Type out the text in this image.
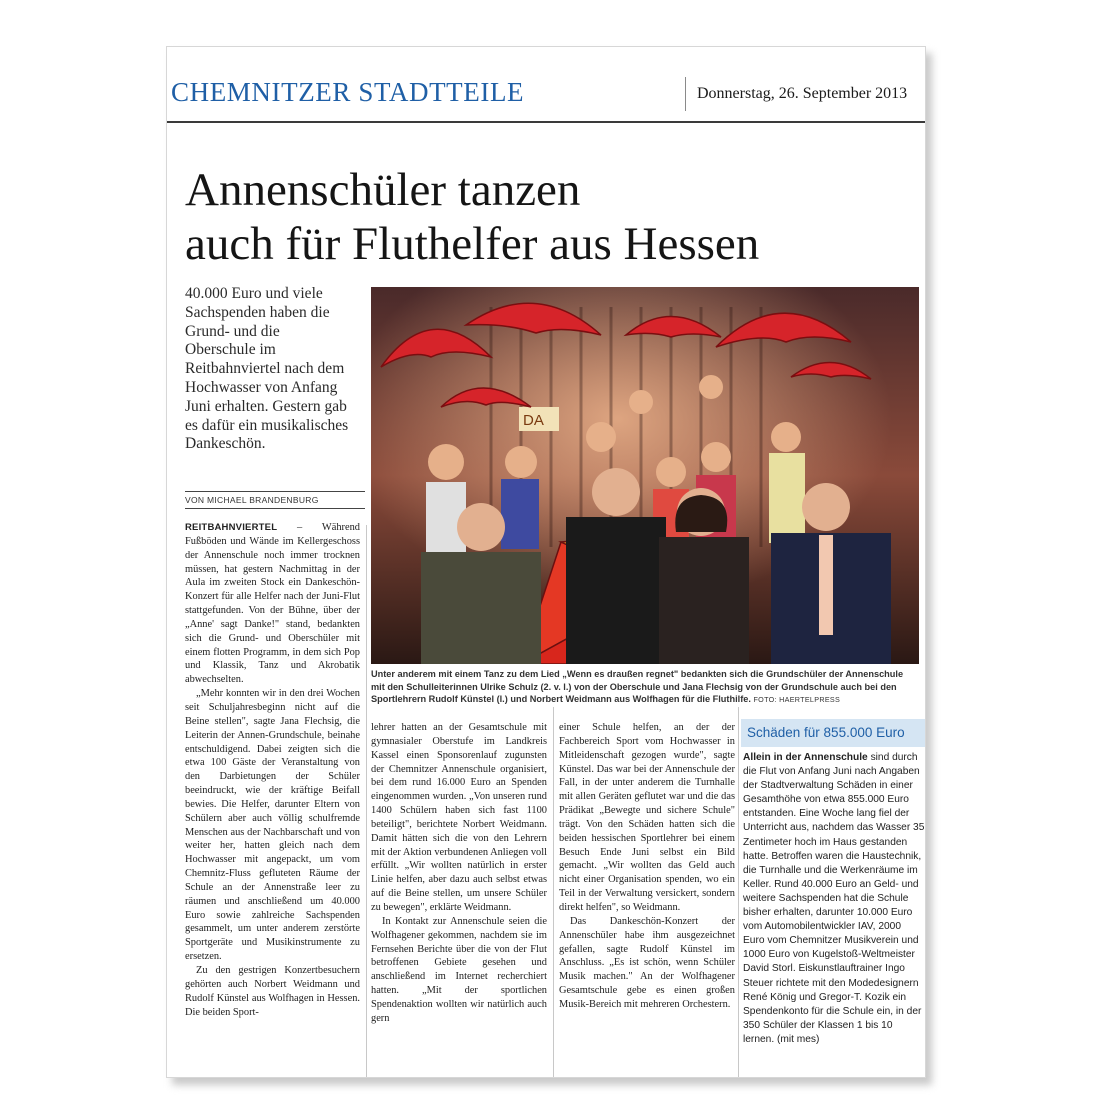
CHEMNITZER STADTTEILE	Donnerstag, 26. September 2013
Annenschüler tanzen
auch für Fluthelfer aus Hessen
40.000 Euro und viele Sachspenden haben die Grund- und die Oberschule im Reitbahnviertel nach dem Hochwasser von Anfang Juni erhalten. Gestern gab es dafür ein musikalisches Dankeschön.
VON MICHAEL BRANDENBURG

REITBAHNVIERTEL – Während Fußböden und Wände im Kellergeschoss der Annenschule noch immer trocknen müssen, hat gestern Nachmittag in der Aula im zweiten Stock ein Dankeschön-Konzert für alle Helfer nach der Juni-Flut stattgefunden. Von der Bühne, über der „Anne' sagt Danke!" stand, bedankten sich die Grund- und Oberschüler mit einem flotten Programm, in dem sich Pop und Klassik, Tanz und Akrobatik abwechselten.

„Mehr konnten wir in den drei Wochen seit Schuljahresbeginn nicht auf die Beine stellen", sagte Jana Flechsig, die Leiterin der Annen-Grundschule, beinahe entschuldigend. Dabei zeigten sich die etwa 100 Gäste der Veranstaltung von den Darbietungen der Schüler beeindruckt, wie der kräftige Beifall bewies. Die Helfer, darunter Eltern von Schülern aber auch völlig schulfremde Menschen aus der Nachbarschaft und von weiter her, hatten gleich nach dem Hochwasser mit angepackt, um vom Chemnitz-Fluss gefluteten Räume der Schule an der Annenstraße leer zu räumen und anschließend um 40.000 Euro sowie zahlreiche Sachspenden gesammelt, um unter anderem zerstörte Sportgeräte und Musikinstrumente zu ersetzen.

Zu den gestrigen Konzertbesuchern gehörten auch Norbert Weidmann und Rudolf Künstel aus Wolfhagen in Hessen. Die beiden Sport-

DA
Unter anderem mit einem Tanz zu dem Lied „Wenn es draußen regnet" bedankten sich die Grundschüler der Annenschule mit den Schulleiterinnen Ulrike Schulz (2. v. l.) von der Oberschule und Jana Flechsig von der Grundschule auch bei den Sportlehrern Rudolf Künstel (l.) und Norbert Weidmann aus Wolfhagen für die Fluthilfe. FOTO: HAERTELPRESS

lehrer hatten an der Gesamtschule mit gymnasialer Oberstufe im Landkreis Kassel einen Sponsorenlauf zugunsten der Chemnitzer Annenschule organisiert, bei dem rund 16.000 Euro an Spenden eingenommen wurden. „Von unseren rund 1400 Schülern haben sich fast 1100 beteiligt", berichtete Norbert Weidmann. Damit hätten sich die von den Lehrern mit der Aktion verbundenen Anliegen voll erfüllt. „Wir wollten natürlich in erster Linie helfen, aber dazu auch selbst etwas auf die Beine stellen, um unsere Schüler zu bewegen", erklärte Weidmann.

In Kontakt zur Annenschule seien die Wolfhagener gekommen, nachdem sie im Fernsehen Berichte über die von der Flut betroffenen Gebiete gesehen und anschließend im Internet recherchiert hatten. „Mit der sportlichen Spendenaktion wollten wir natürlich auch gern

einer Schule helfen, an der der Fachbereich Sport vom Hochwasser in Mitleidenschaft gezogen wurde", sagte Künstel. Das war bei der Annenschule der Fall, in der unter anderem die Turnhalle mit allen Geräten geflutet war und die das Prädikat „Bewegte und sichere Schule" trägt. Von den Schäden hatten sich die beiden hessischen Sportlehrer bei einem Besuch Ende Juni selbst ein Bild gemacht. „Wir wollten das Geld auch nicht einer Organisation spenden, wo ein Teil in der Verwaltung versickert, sondern direkt helfen", so Weidmann.

Das Dankeschön-Konzert der Annenschüler habe ihm ausgezeichnet gefallen, sagte Rudolf Künstel im Anschluss. „Es ist schön, wenn Schüler Musik machen." An der Wolfhagener Gesamtschule gebe es einen großen Musik-Bereich mit mehreren Orchestern.

Schäden für 855.000 Euro
Allein in der Annenschule sind durch die Flut von Anfang Juni nach Angaben der Stadtverwaltung Schäden in einer Gesamthöhe von etwa 855.000 Euro entstanden. Eine Woche lang fiel der Unterricht aus, nachdem das Wasser 35 Zentimeter hoch im Haus gestanden hatte. Betroffen waren die Haustechnik, die Turnhalle und die Werkenräume im Keller. Rund 40.000 Euro an Geld- und weitere Sachspenden hat die Schule bisher erhalten, darunter 10.000 Euro vom Automobilentwickler IAV, 2000 Euro vom Chemnitzer Musikverein und 1000 Euro von Kugelstoß-Weltmeister David Storl. Eiskunstlauftrainer Ingo Steuer richtete mit den Modedesignern René König und Gregor-T. Kozik ein Spendenkonto für die Schule ein, in der 350 Schüler der Klassen 1 bis 10 lernen. (mit mes)
